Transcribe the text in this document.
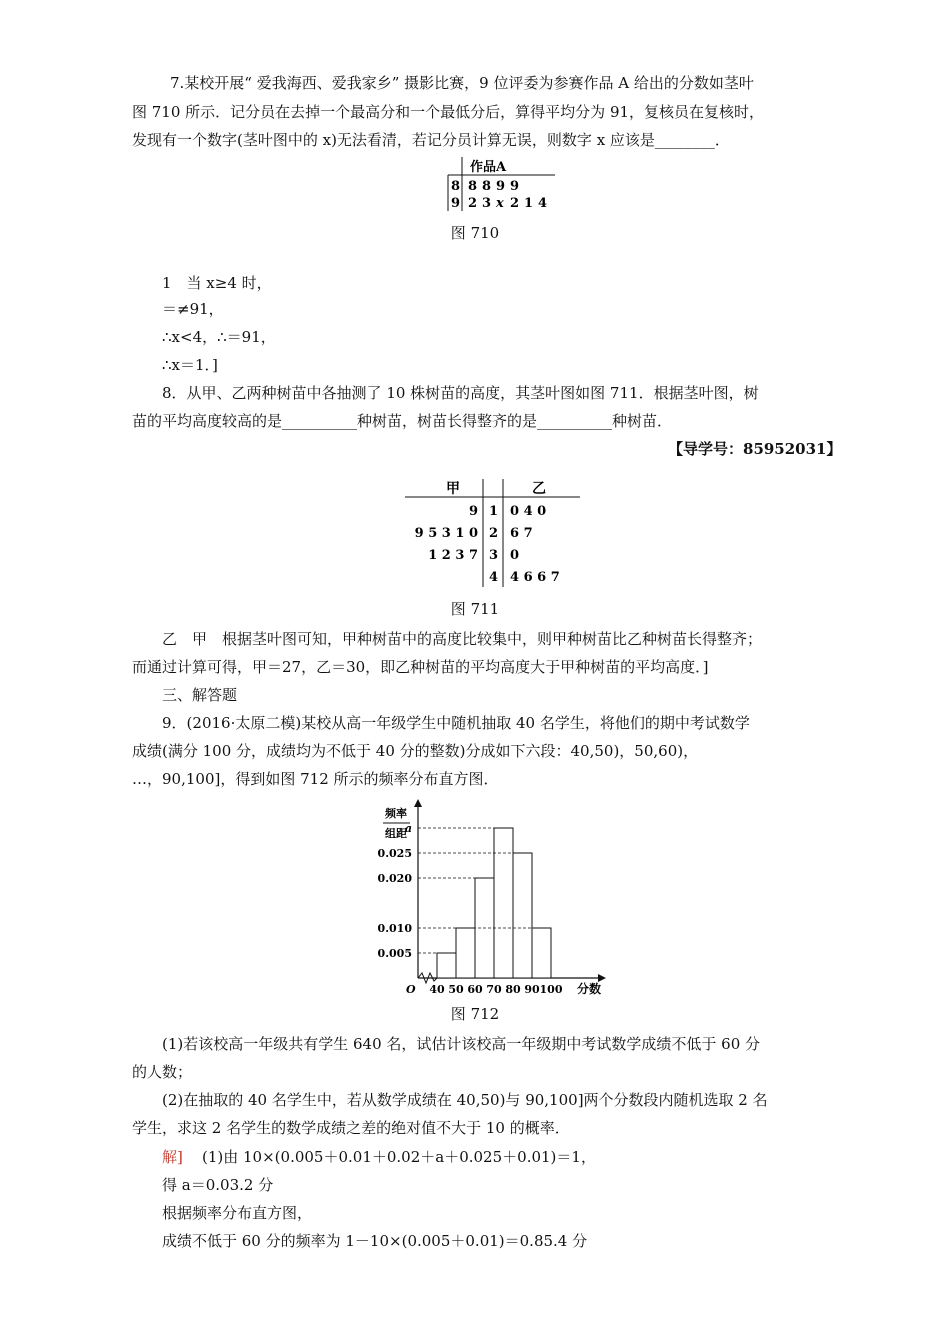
7.某校开展“ 爱我海西、爱我家乡” 摄影比赛，9 位评委为参赛作品 A 给出的分数如茎叶
图 710 所示．记分员在去掉一个最高分和一个最低分后，算得平均分为 91，复核员在复核时，
发现有一个数字(茎叶图中的 x)无法看清，若记分员计算无误，则数字 x 应该是________．
作品A
8
9
8 8 9 9
2 3 x 2 1 4
图 710
1　当 x≥4 时，
＝≠91，
∴x<4，∴＝91，
∴x＝1．]
8．从甲、乙两种树苗中各抽测了 10 株树苗的高度，其茎叶图如图 711．根据茎叶图，树
苗的平均高度较高的是__________种树苗，树苗长得整齐的是__________种树苗．
【导学号：85952031】
甲	乙
9 1 0 4 0
9 5 3 1 0 2 6 7
1 2 3 7 3 0
4 4 6 6 7
图 711
乙　甲　根据茎叶图可知，甲种树苗中的高度比较集中，则甲种树苗比乙种树苗长得整齐；
而通过计算可得，甲＝27，乙＝30，即乙种树苗的平均高度大于甲种树苗的平均高度．]
三、解答题
9．(2016·太原二模)某校从高一年级学生中随机抽取 40 名学生，将他们的期中考试数学
成绩(满分 100 分，成绩均为不低于 40 分的整数)分成如下六段：40,50)，50,60)，
…，90,100]，得到如图 712 所示的频率分布直方图．
频率
组距
0.005
0.010
0.020
0.025
a
40 50 60 70 80 90 100
O	分数
图 712
(1)若该校高一年级共有学生 640 名，试估计该校高一年级期中考试数学成绩不低于 60 分
的人数；
(2)在抽取的 40 名学生中，若从数学成绩在 40,50)与 90,100]两个分数段内随机选取 2 名
学生，求这 2 名学生的数学成绩之差的绝对值不大于 10 的概率．
解] (1)由 10×(0.005＋0.01＋0.02＋a＋0.025＋0.01)＝1，
得 a＝0.03.2 分
根据频率分布直方图，
成绩不低于 60 分的频率为 1－10×(0.005＋0.01)＝0.85.4 分
